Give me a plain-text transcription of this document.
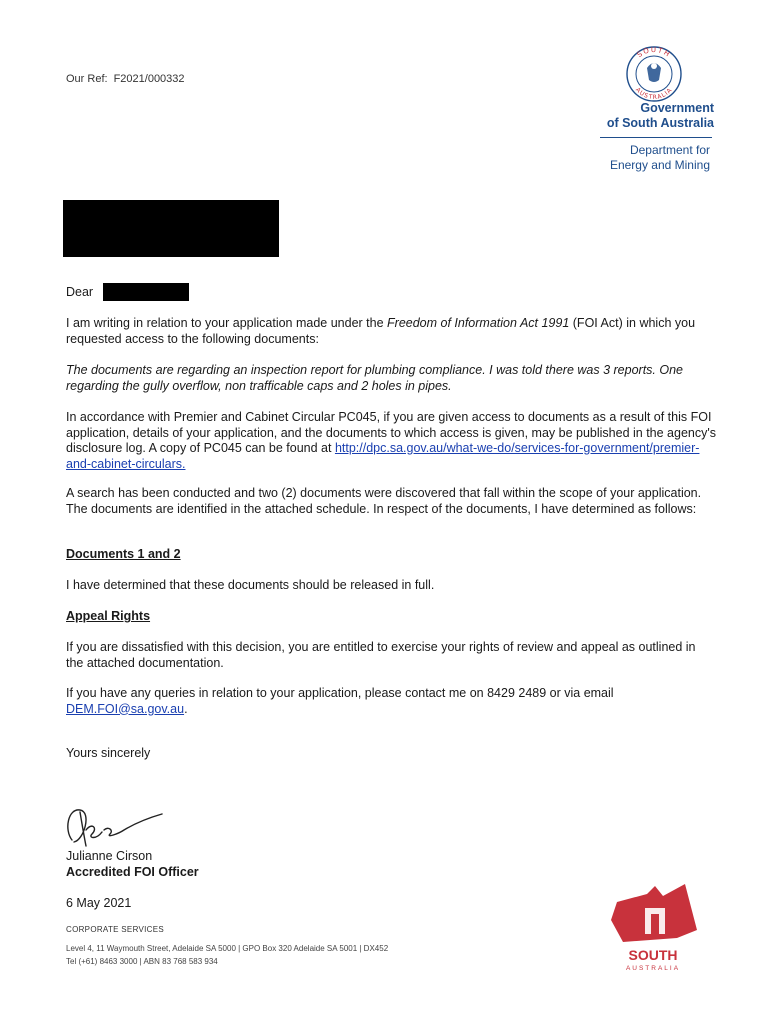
Our Ref: F2021/000332
SOUTH
AUSTRALIA
Government
of South Australia
Department for
Energy and Mining
Dear
I am writing in relation to your application made under the Freedom of Information Act 1991 (FOI Act) in which you requested access to the following documents:
The documents are regarding an inspection report for plumbing compliance. I was told there was 3 reports. One regarding the gully overflow, non trafficable caps and 2 holes in pipes.
In accordance with Premier and Cabinet Circular PC045, if you are given access to documents as a result of this FOI application, details of your application, and the documents to which access is given, may be published in the agency's disclosure log. A copy of PC045 can be found at http://dpc.sa.gov.au/what-we-do/services-for-government/premier-and-cabinet-circulars.
A search has been conducted and two (2) documents were discovered that fall within the scope of your application. The documents are identified in the attached schedule. In respect of the documents, I have determined as follows:
Documents 1 and 2
I have determined that these documents should be released in full.
Appeal Rights
If you are dissatisfied with this decision, you are entitled to exercise your rights of review and appeal as outlined in the attached documentation.
If you have any queries in relation to your application, please contact me on 8429 2489 or via email DEM.FOI@sa.gov.au.
Yours sincerely
Julianne Cirson
Accredited FOI Officer
6 May 2021
CORPORATE SERVICES
Level 4, 11 Waymouth Street, Adelaide SA 5000 | GPO Box 320 Adelaide SA 5001 | DX452
Tel (+61) 8463 3000 | ABN 83 768 583 934	SOUTH
AUSTRALIA
